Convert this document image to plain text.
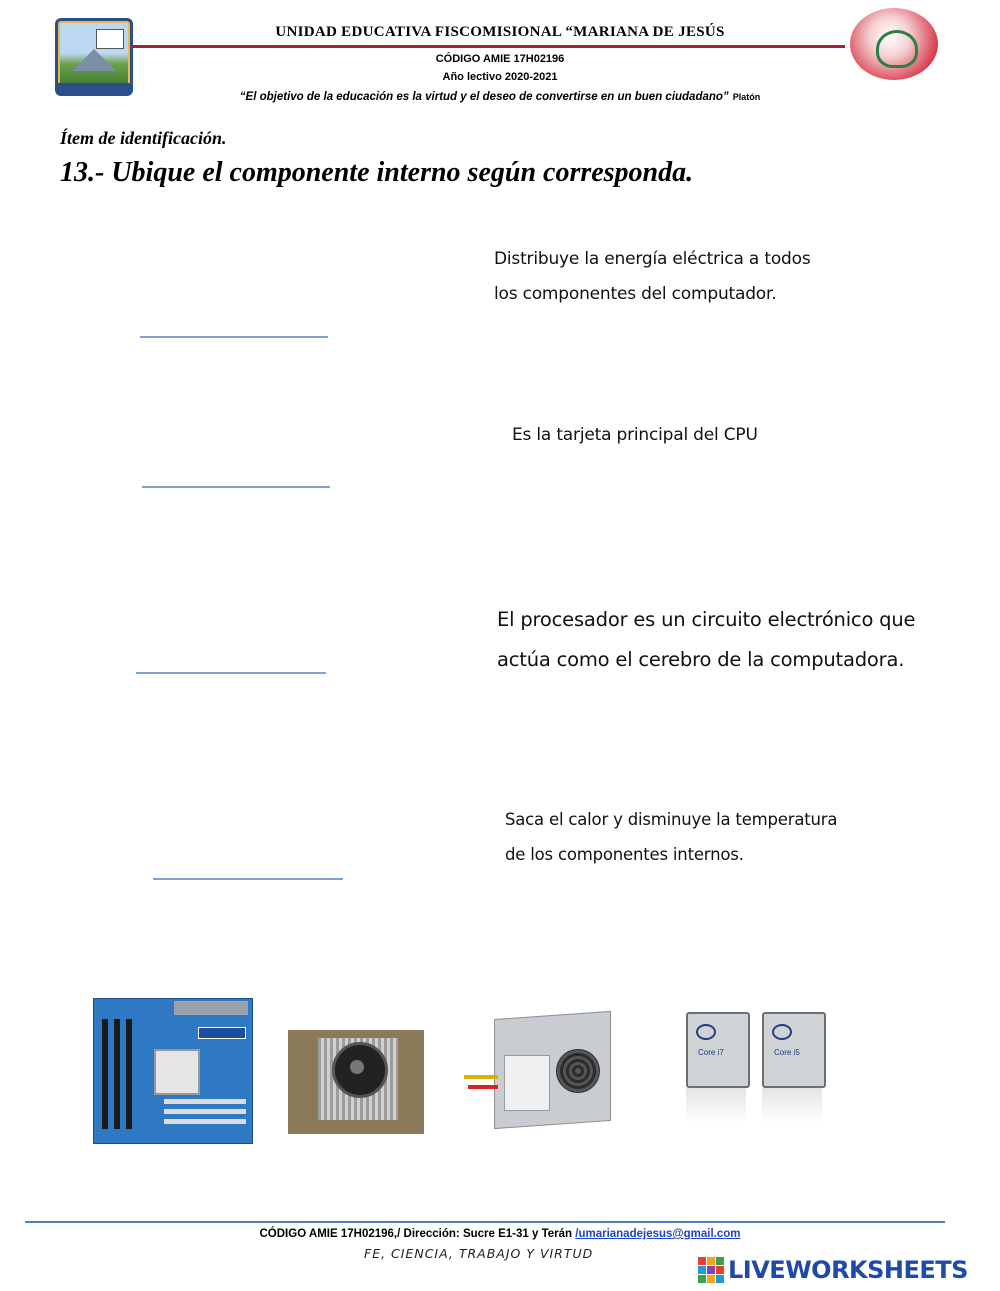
UNIDAD EDUCATIVA FISCOMISIONAL “MARIANA DE JESÚS
CÓDIGO AMIE 17H02196
Año lectivo 2020-2021
“El objetivo de la educación es la virtud y el deseo de convertirse en un buen ciudadano” Platón
Ítem de identificación.
13.- Ubique el componente interno según corresponda.
Distribuye la energía eléctrica a todos
los componentes del computador.
Es la tarjeta principal del CPU
El procesador es un circuito electrónico que
actúa como el cerebro de la computadora.
Saca el calor y disminuye la temperatura
de los componentes internos.
Core i7	Core i5
CÓDIGO AMIE 17H02196,/ Dirección: Sucre E1-31 y Terán /umarianadejesus@gmail.com
FE, CIENCIA, TRABAJO Y VIRTUD
LIVEWORKSHEETS
